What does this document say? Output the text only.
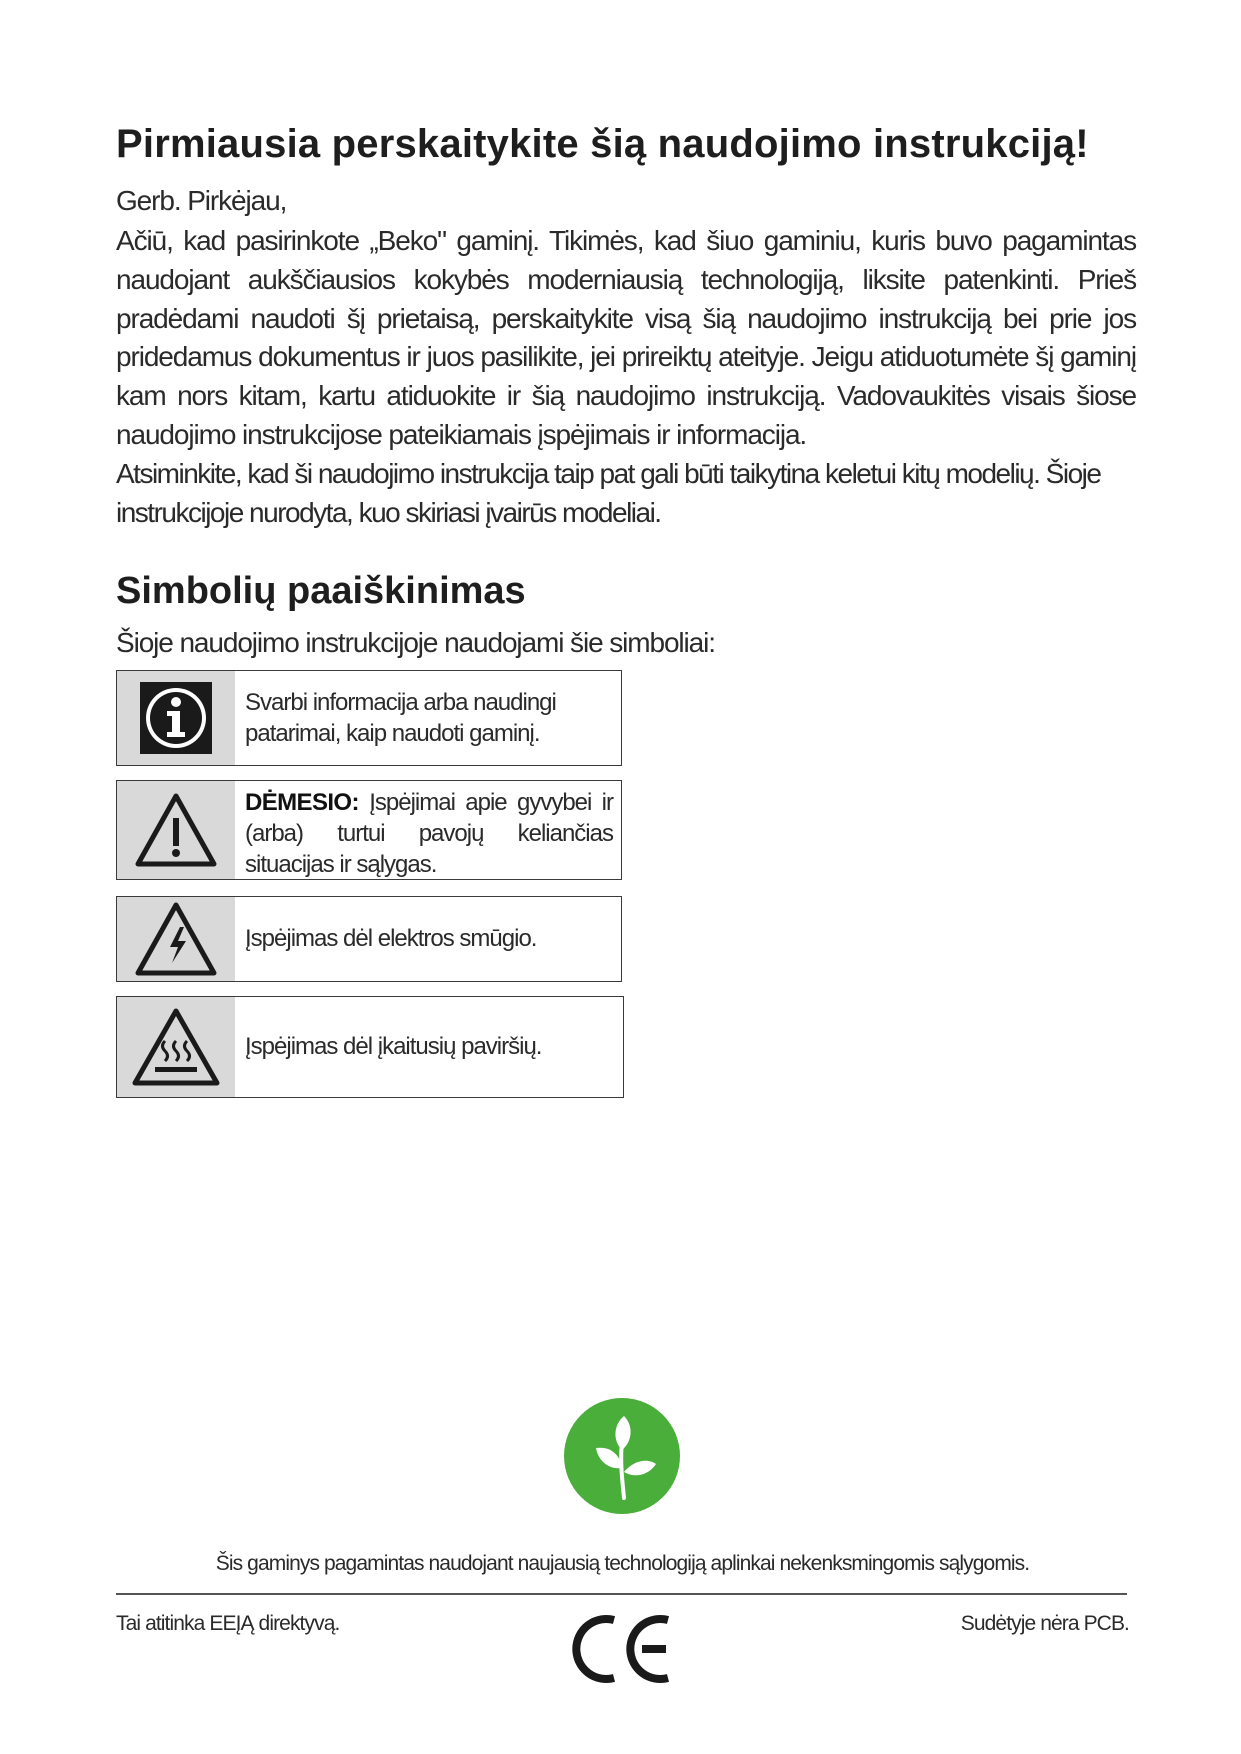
Pirmiausia perskaitykite šią naudojimo instrukciją!

Gerb. Pirkėjau,

Ačiū, kad pasirinkote „Beko" gaminį. Tikimės, kad šiuo gaminiu, kuris buvo pagamintas naudojant aukščiausios kokybės moderniausią technologiją, liksite patenkinti. Prieš pradėdami naudoti šį prietaisą, perskaitykite visą šią naudojimo instrukciją bei prie jos pridedamus dokumentus ir juos pasilikite, jei prireiktų ateityje. Jeigu atiduotumėte šį gaminį kam nors kitam, kartu atiduokite ir šią naudojimo instrukciją. Vadovaukitės visais šiose naudojimo instrukcijose pateikiamais įspėjimais ir informacija.

Atsiminkite, kad ši naudojimo instrukcija taip pat gali būti taikytina keletui kitų modelių. Šioje instrukcijoje nurodyta, kuo skiriasi įvairūs modeliai.

Simbolių paaiškinimas

Šioje naudojimo instrukcijoje naudojami šie simboliai:

Svarbi informacija arba naudingi patarimai, kaip naudoti gaminį.
DĖMESIO: Įspėjimai apie gyvybei ir (arba) turtui pavojų keliančias situacijas ir sąlygas.
Įspėjimas dėl elektros smūgio.
Įspėjimas dėl įkaitusių paviršių.
Šis gaminys pagamintas naudojant naujausią technologiją aplinkai nekenksmingomis sąlygomis.
Tai atitinka EEĮĄ direktyvą.	Sudėtyje nėra PCB.
